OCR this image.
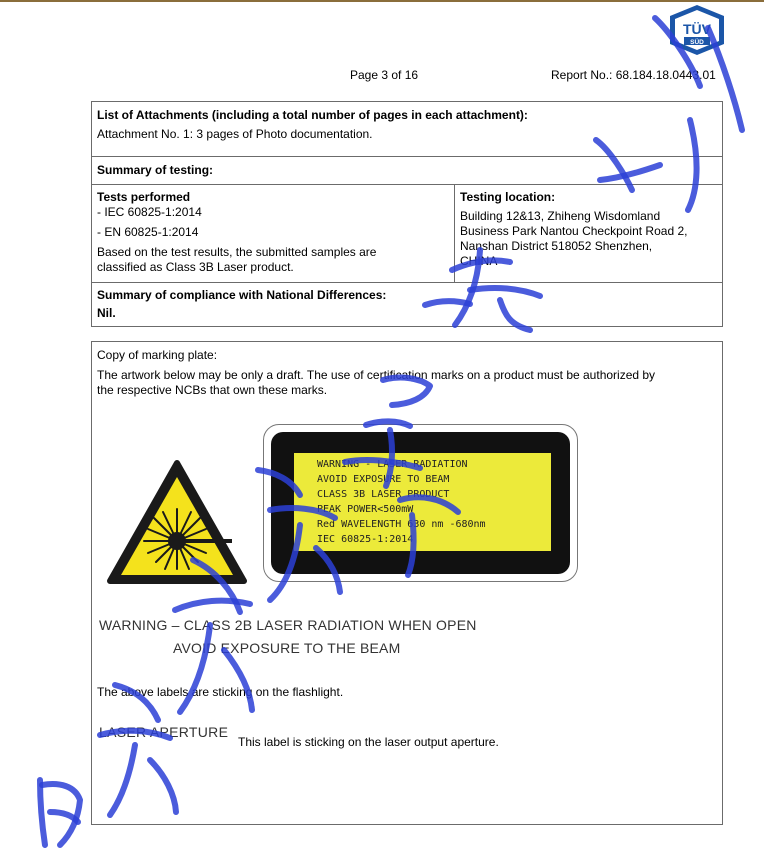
TÜV
SÜD
Page 3 of 16	Report No.: 68.184.18.0443.01
List of Attachments (including a total number of pages in each attachment):
Attachment No. 1: 3 pages of Photo documentation.
Summary of testing:
Tests performed
- IEC 60825-1:2014
- EN 60825-1:2014
Based on the test results, the submitted samples are
classified as Class 3B Laser product.
Testing location:
Building 12&13, Zhiheng Wisdomland
Business Park Nantou Checkpoint Road 2,
Nanshan District 518052 Shenzhen,
CHINA
Summary of compliance with National Differences:
Nil.
Copy of marking plate:
The artwork below may be only a draft. The use of certification marks on a product must be authorized by
the respective NCBs that own these marks.
WARNING - LASER RADIATION
AVOID EXPOSURE TO BEAM
CLASS 3B LASER PRODUCT
PEAK POWER<500mW
Red WAVELENGTH 630 nm -680nm
IEC 60825-1:2014
WARNING – CLASS 2B LASER RADIATION WHEN OPEN
AVOID EXPOSURE TO THE BEAM
The above labels are sticking on the flashlight.
LASER APERTURE
This label is sticking on the laser output aperture.
